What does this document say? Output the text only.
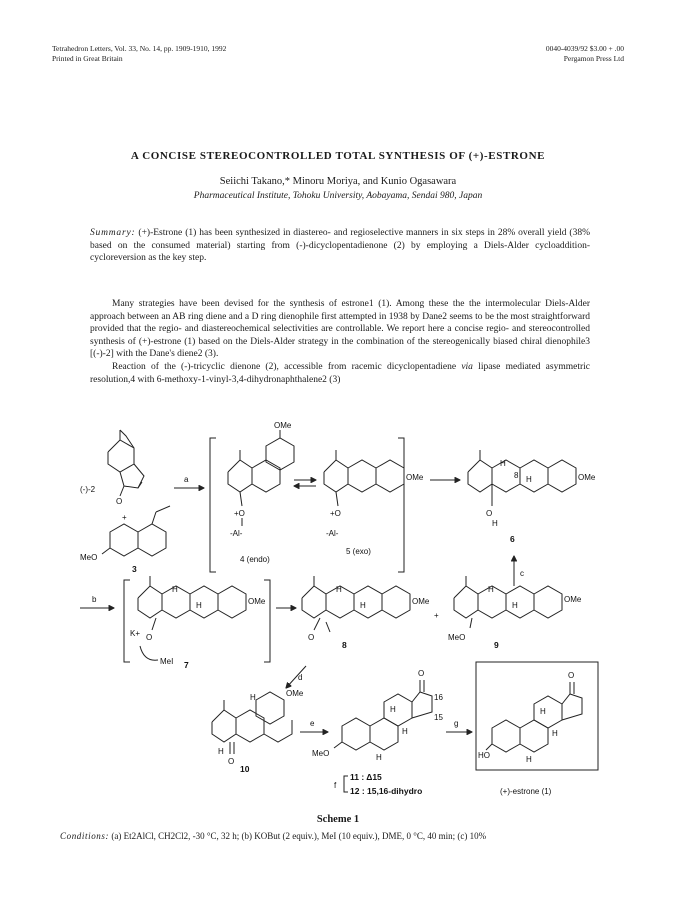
Tetrahedron Letters, Vol. 33, No. 14, pp. 1909-1910, 1992
Printed in Great Britain
0040-4039/92 $3.00 + .00
Pergamon Press Ltd
A CONCISE STEREOCONTROLLED TOTAL SYNTHESIS OF (+)-ESTRONE
Seiichi Takano,* Minoru Moriya, and Kunio Ogasawara
Pharmaceutical Institute, Tohoku University, Aobayama, Sendai 980, Japan
Summary: (+)-Estrone (1) has been synthesized in diastereo- and regioselective manners in six steps in 28% overall yield (38% based on the consumed material) starting from (-)-dicyclopentadienone (2) by employing a Diels-Alder cycloaddition-cycloreversion as the key step.

Many strategies have been devised for the synthesis of estrone1 (1). Among these the the intermolecular Diels-Alder approach between an AB ring diene and a D ring dienophile first attempted in 1938 by Dane2 seems to be the most straightforward provided that the regio- and diastereochemical selectivities are controllable. We report here a concise regio- and stereocontrolled synthesis of (+)-estrone (1) based on the Diels-Alder strategy in the combination of the stereogenically biased chiral dienophile3 [(-)-2] with the Dane's diene2 (3).

Reaction of the (-)-tricyclic dienone (2), accessible from racemic dicyclopentadiene via lipase mediated asymmetric resolution,4 with 6-methoxy-1-vinyl-3,4-dihydronaphthalene2 (3)

(-)-2
O
+
MeO
3
a
OMe
+O
-Al-
4 (endo)
OMe
+O
-Al-
5 (exo)
OMe
H
H
8
O
H
6
c
b	OMe
H
H
K+ O
MeI 7
OMe
H
H
O
8
+
OMe
H
H
MeO
9
d
OMe
H
H
O
10
e
O
16
15
H
H
H
MeO
11 : Δ15
12 : 15,16-dihydro
f
g
O
H
H
H
HO
(+)-estrone (1)
Scheme 1
Conditions: (a) Et2AlCl, CH2Cl2, -30 °C, 32 h; (b) KOBut (2 equiv.), MeI (10 equiv.), DME, 0 °C, 40 min; (c) 10%
